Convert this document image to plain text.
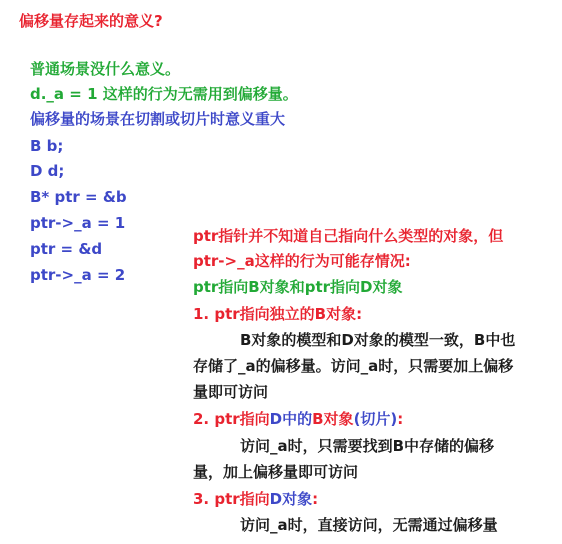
偏移量存起来的意义?
普通场景没什么意义。
d._a = 1 这样的行为无需用到偏移量。
偏移量的场景在切割或切片时意义重大
B b;
D d;
B* ptr = &b
ptr->_a = 1
ptr = &d
ptr->_a = 2
ptr指针并不知道自己指向什么类型的对象，但
ptr->_a这样的行为可能存情况:
ptr指向B对象和ptr指向D对象
1. ptr指向独立的B对象:
B对象的模型和D对象的模型一致，B中也
存储了_a的偏移量。访问_a时，只需要加上偏移
量即可访问
2. ptr指向D中的B对象(切片):
访问_a时，只需要找到B中存储的偏移
量，加上偏移量即可访问
3. ptr指向D对象:
访问_a时，直接访问，无需通过偏移量
